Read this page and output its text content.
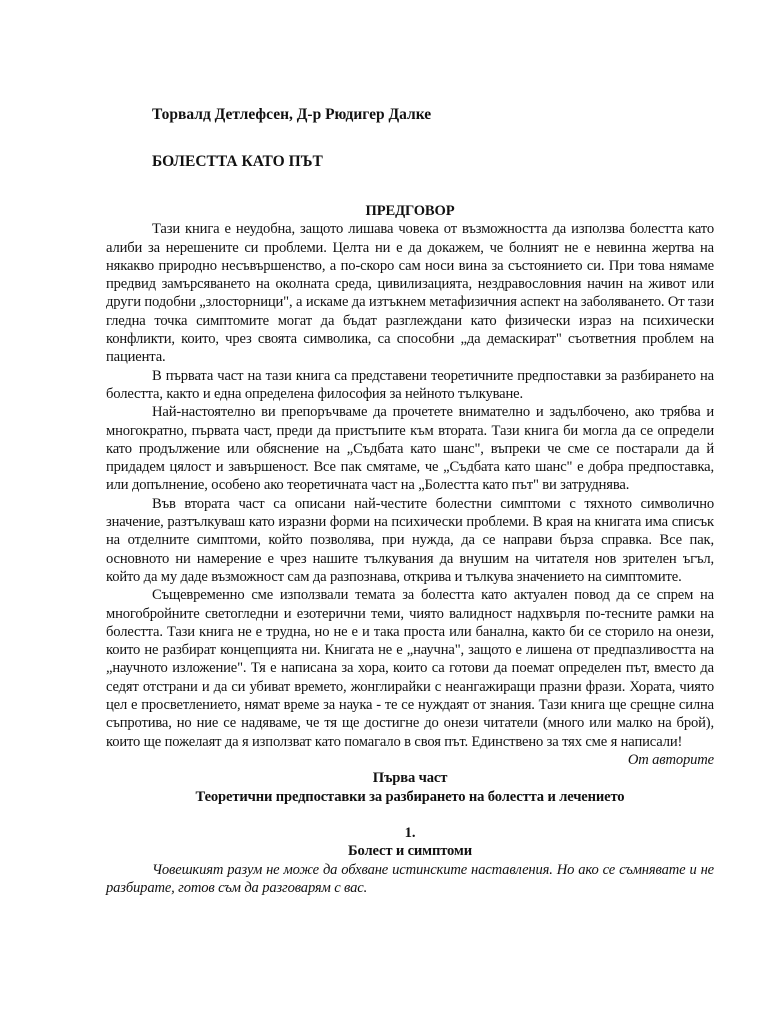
Торвалд Детлефсен, Д-р Рюдигер Далке
БОЛЕСТТА КАТО ПЪТ

ПРЕДГОВОР

Тази книга е неудобна, защото лишава човека от възможността да използва болестта като алиби за нерешените си проблеми. Целта ни е да докажем, че болният не е невинна жертва на някакво природно несъвършенство, а по-скоро сам носи вина за състоянието си. При това нямаме предвид замърсяването на околната среда, цивилизацията, нездравословния начин на живот или други подобни „злосторници", а искаме да изтъкнем метафизичния аспект на заболяването. От тази гледна точка симптомите могат да бъдат разглеждани като физически израз на психически конфликти, които, чрез своята символика, са способни „да демаскират" съответния проблем на пациента.

В първата част на тази книга са представени теоретичните предпоставки за разбирането на болестта, както и една определена философия за нейното тълкуване.

Най-настоятелно ви препоръчваме да прочетете внимателно и задълбочено, ако трябва и многократно, първата част, преди да пристъпите към втората. Тази книга би могла да се определи като продължение или обяснение на „Съдбата като шанс", въпреки че сме се постарали да й придадем цялост и завършеност. Все пак смятаме, че „Съдбата като шанс" е добра предпоставка, или допълнение, особено ако теоретичната част на „Болестта като път" ви затруднява.

Във втората част са описани най-честите болестни симптоми с тяхното символично значение, разтълкуваш като изразни форми на психически проблеми. В края на книгата има списък на отделните симптоми, който позволява, при нужда, да се направи бърза справка. Все пак, основното ни намерение е чрез нашите тълкувания да внушим на читателя нов зрителен ъгъл, който да му даде възможност сам да разпознава, открива и тълкува значението на симптомите.

Същевременно сме използвали темата за болестта като актуален повод да се спрем на многобройните светогледни и езотерични теми, чиято валидност надхвърля по-тесните рамки на болестта. Тази книга не е трудна, но не е и така проста или банална, както би се сторило на онези, които не разбират концепцията ни. Книгата не е „научна", защото е лишена от предпазливостта на „научното изложение". Тя е написана за хора, които са готови да поемат определен път, вместо да седят отстрани и да си убиват времето, жонглирайки с неангажиращи празни фрази. Хората, чиято цел е просветлението, нямат време за наука - те се нуждаят от знания. Тази книга ще срещне силна съпротива, но ние се надяваме, че тя ще достигне до онези читатели (много или малко на брой), които ще пожелаят да я използват като помагало в своя път. Единствено за тях сме я написали!

От авторите

Първа част

Теоретични предпоставки за разбирането на болестта и лечението

1.

Болест и симптоми

Човешкият разум не може да обхване истинските наставления. Но ако се съмнявате и не разбирате, готов съм да разговарям с вас.
